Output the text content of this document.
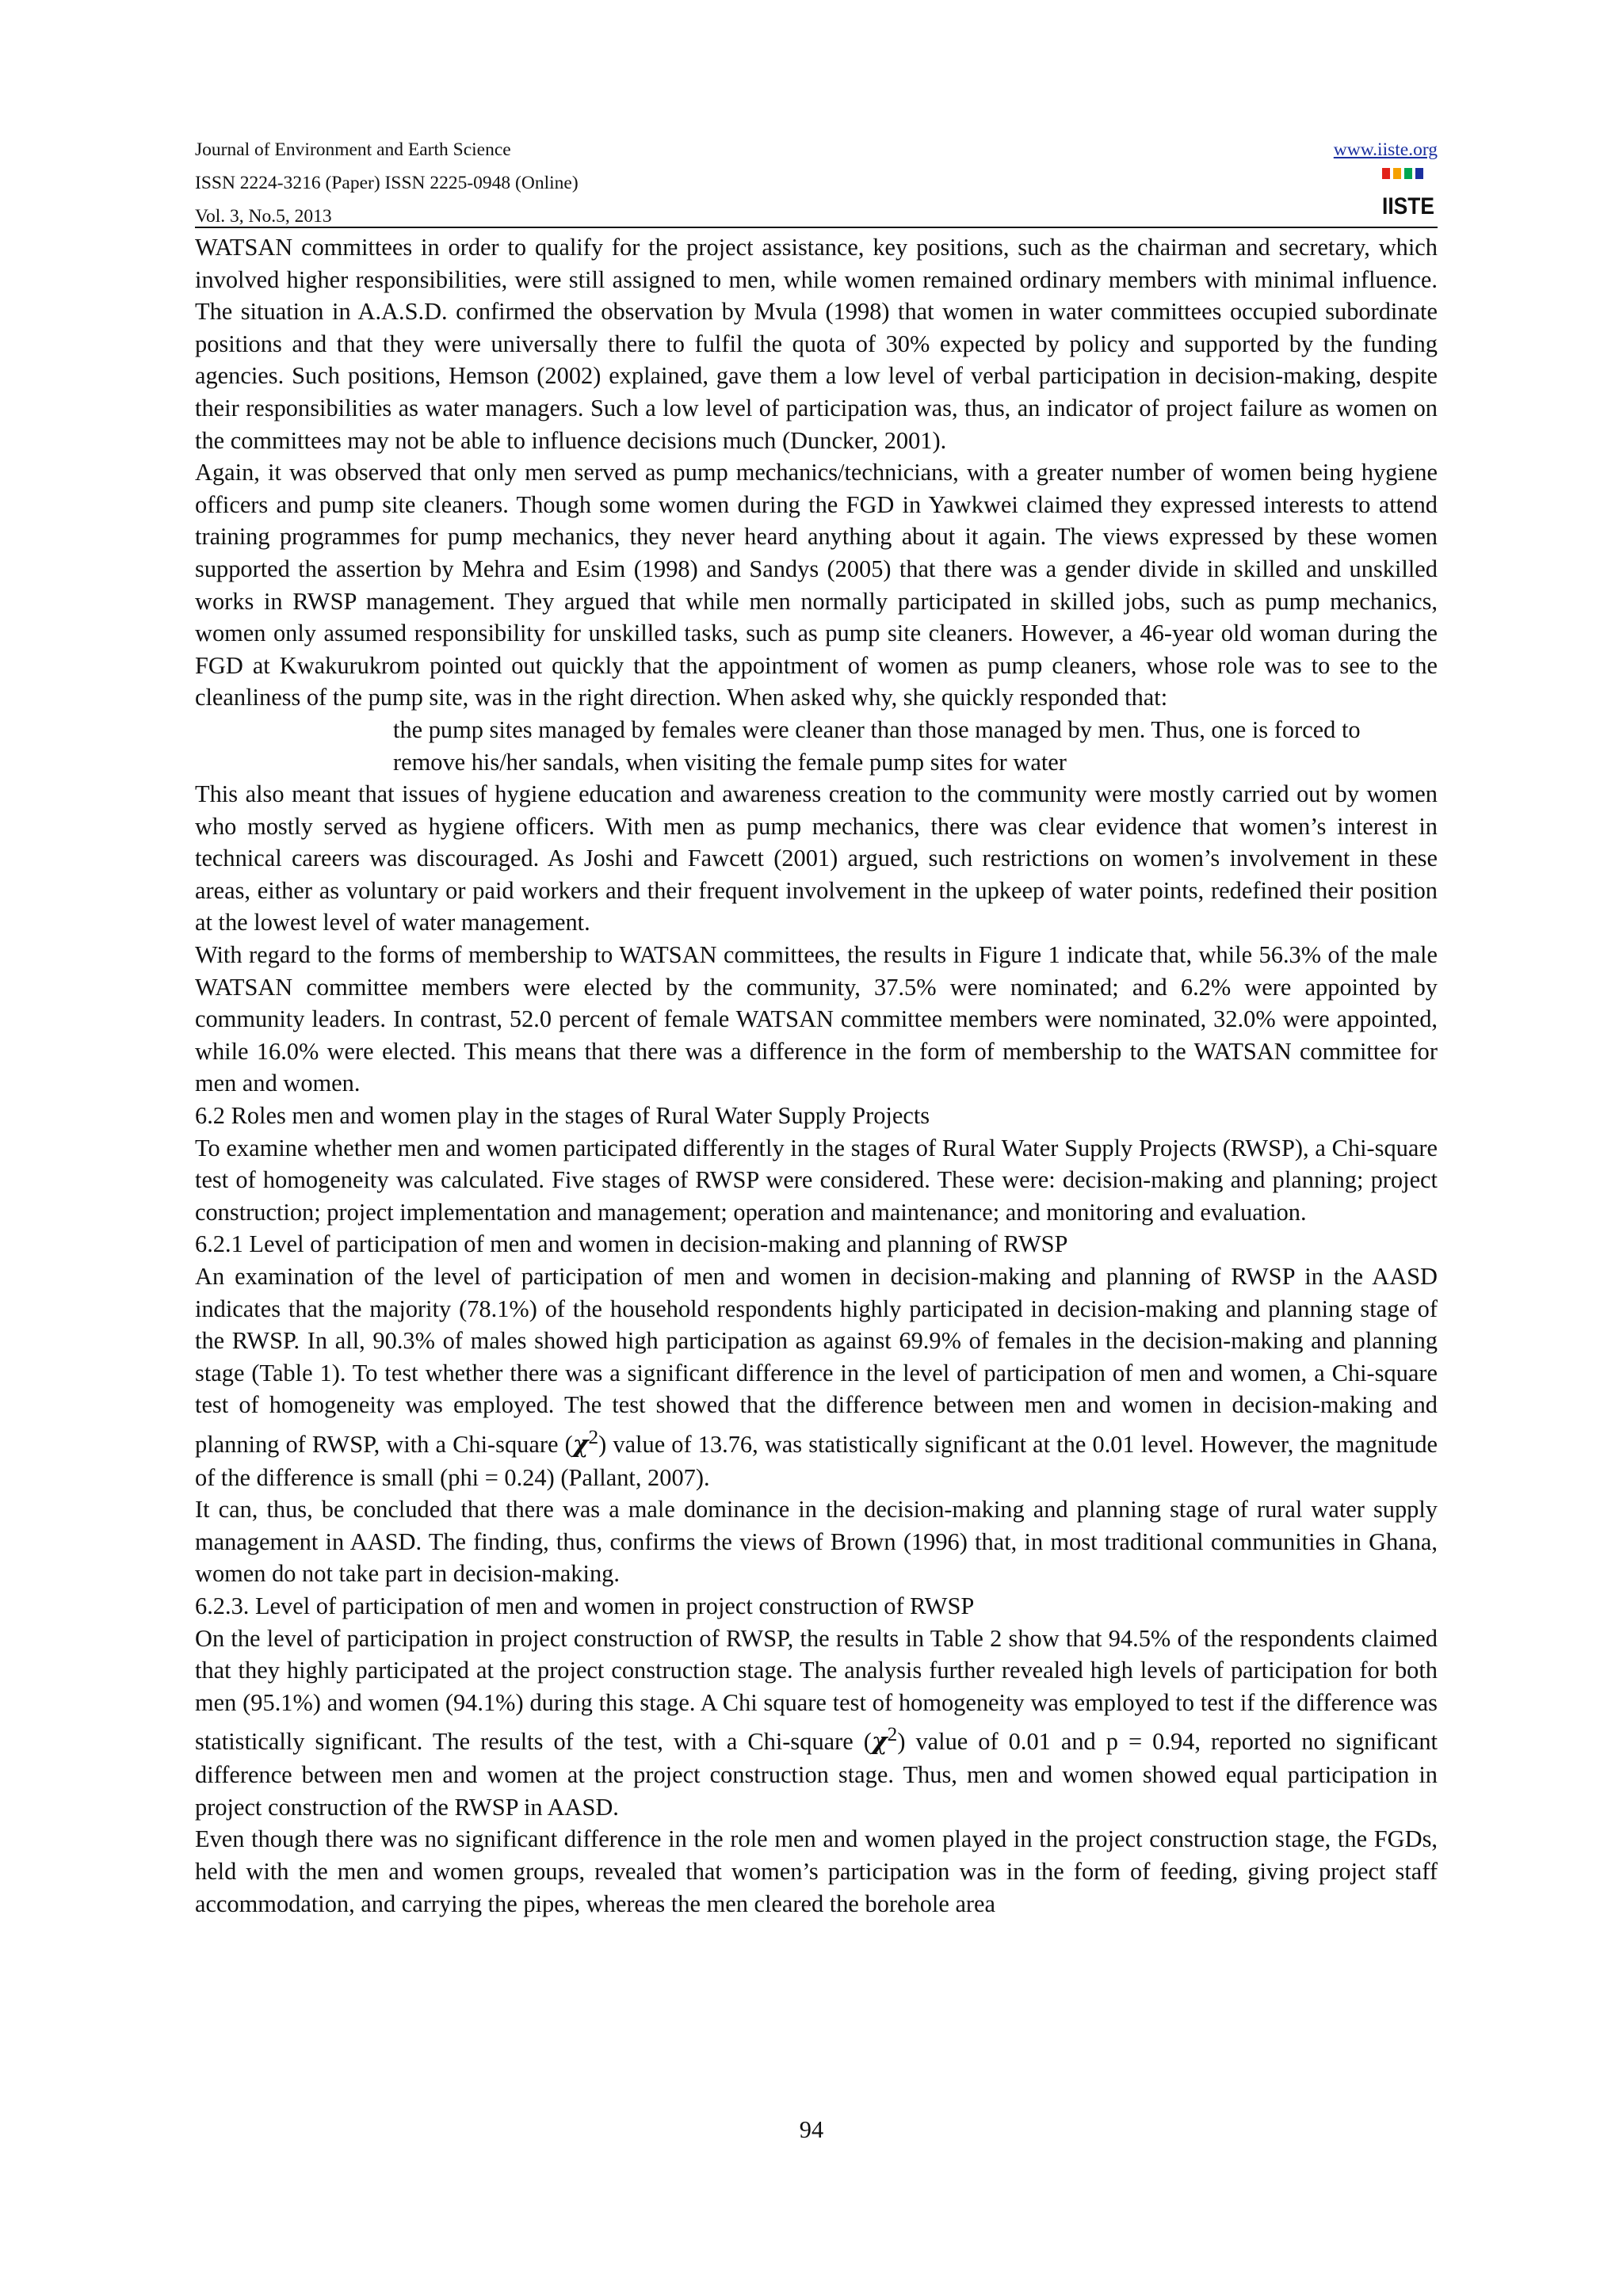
Journal of Environment and Earth Science
ISSN 2224-3216 (Paper) ISSN 2225-0948 (Online)
Vol. 3, No.5, 2013
www.iiste.org
IISTE

WATSAN committees in order to qualify for the project assistance, key positions, such as the chairman and secretary, which involved higher responsibilities, were still assigned to men, while women remained ordinary members with minimal influence. The situation in A.A.S.D. confirmed the observation by Mvula (1998) that women in water committees occupied subordinate positions and that they were universally there to fulfil the quota of 30% expected by policy and supported by the funding agencies. Such positions, Hemson (2002) explained, gave them a low level of verbal participation in decision-making, despite their responsibilities as water managers. Such a low level of participation was, thus, an indicator of project failure as women on the committees may not be able to influence decisions much (Duncker, 2001).

Again, it was observed that only men served as pump mechanics/technicians, with a greater number of women being hygiene officers and pump site cleaners. Though some women during the FGD in Yawkwei claimed they expressed interests to attend training programmes for pump mechanics, they never heard anything about it again. The views expressed by these women supported the assertion by Mehra and Esim (1998) and Sandys (2005) that there was a gender divide in skilled and unskilled works in RWSP management. They argued that while men normally participated in skilled jobs, such as pump mechanics, women only assumed responsibility for unskilled tasks, such as pump site cleaners. However, a 46-year old woman during the FGD at Kwakurukrom pointed out quickly that the appointment of women as pump cleaners, whose role was to see to the cleanliness of the pump site, was in the right direction. When asked why, she quickly responded that:

the pump sites managed by females were cleaner than those managed by men. Thus, one is forced to remove his/her sandals, when visiting the female pump sites for water

This also meant that issues of hygiene education and awareness creation to the community were mostly carried out by women who mostly served as hygiene officers. With men as pump mechanics, there was clear evidence that women’s interest in technical careers was discouraged. As Joshi and Fawcett (2001) argued, such restrictions on women’s involvement in these areas, either as voluntary or paid workers and their frequent involvement in the upkeep of water points, redefined their position at the lowest level of water management.

With regard to the forms of membership to WATSAN committees, the results in Figure 1 indicate that, while 56.3% of the male WATSAN committee members were elected by the community, 37.5% were nominated; and 6.2% were appointed by community leaders. In contrast, 52.0 percent of female WATSAN committee members were nominated, 32.0% were appointed, while 16.0% were elected. This means that there was a difference in the form of membership to the WATSAN committee for men and women.

6.2 Roles men and women play in the stages of Rural Water Supply Projects

To examine whether men and women participated differently in the stages of Rural Water Supply Projects (RWSP), a Chi-square test of homogeneity was calculated. Five stages of RWSP were considered. These were: decision-making and planning; project construction; project implementation and management; operation and maintenance; and monitoring and evaluation.

6.2.1 Level of participation of men and women in decision-making and planning of RWSP

An examination of the level of participation of men and women in decision-making and planning of RWSP in the AASD indicates that the majority (78.1%) of the household respondents highly participated in decision-making and planning stage of the RWSP. In all, 90.3% of males showed high participation as against 69.9% of females in the decision-making and planning stage (Table 1). To test whether there was a significant difference in the level of participation of men and women, a Chi-square test of homogeneity was employed. The test showed that the difference between men and women in decision-making and planning of RWSP, with a Chi-square $(\chi^2)$ value of 13.76, was statistically significant at the 0.01 level. However, the magnitude of the difference is small (phi = 0.24) (Pallant, 2007).

It can, thus, be concluded that there was a male dominance in the decision-making and planning stage of rural water supply management in AASD. The finding, thus, confirms the views of Brown (1996) that, in most traditional communities in Ghana, women do not take part in decision-making.

6.2.3. Level of participation of men and women in project construction of RWSP

On the level of participation in project construction of RWSP, the results in Table 2 show that 94.5% of the respondents claimed that they highly participated at the project construction stage. The analysis further revealed high levels of participation for both men (95.1%) and women (94.1%) during this stage. A Chi square test of homogeneity was employed to test if the difference was statistically significant. The results of the test, with a Chi-square $(\chi^2)$ value of 0.01 and p = 0.94, reported no significant difference between men and women at the project construction stage. Thus, men and women showed equal participation in project construction of the RWSP in AASD.

Even though there was no significant difference in the role men and women played in the project construction stage, the FGDs, held with the men and women groups, revealed that women’s participation was in the form of feeding, giving project staff accommodation, and carrying the pipes, whereas the men cleared the borehole area

94
